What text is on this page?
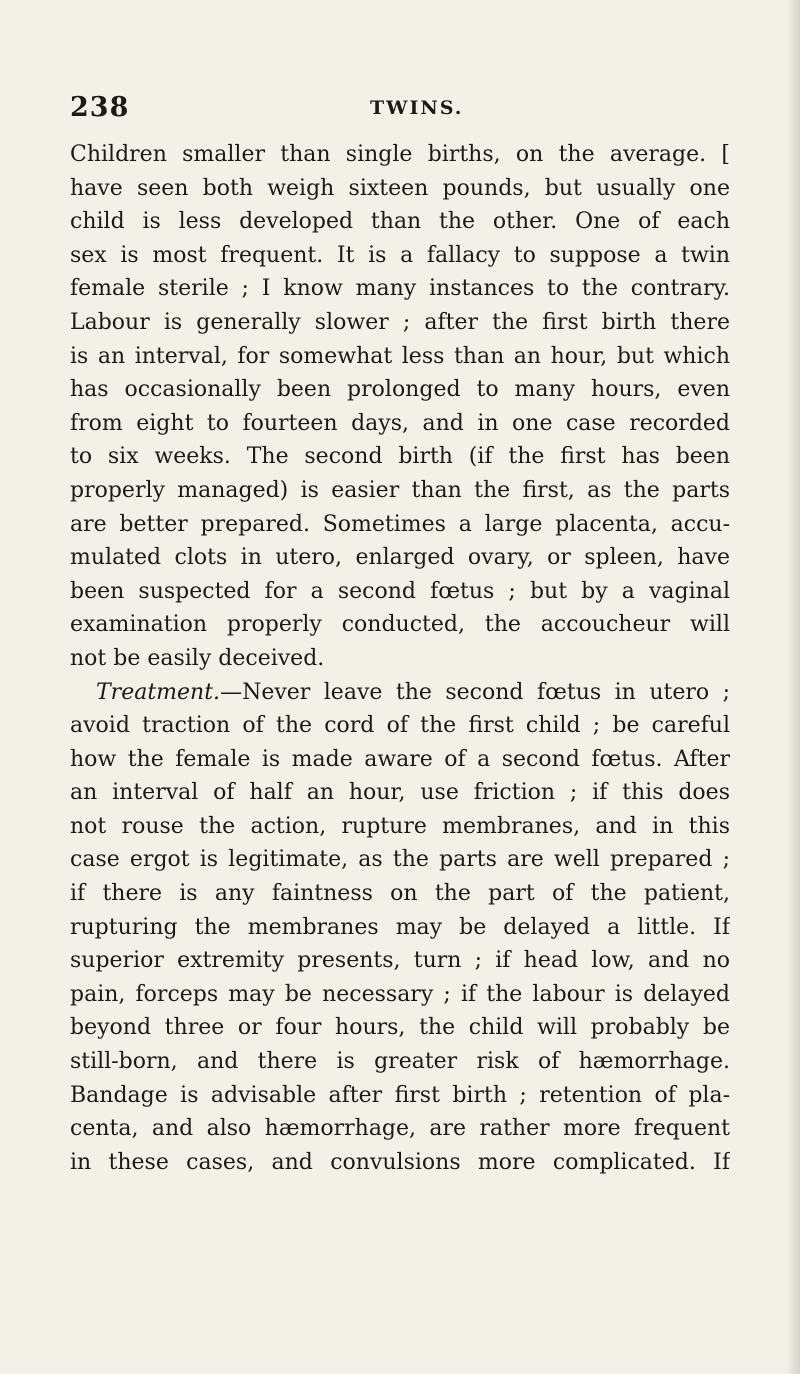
238	TWINS.
Children smaller than single births, on the average. [
have seen both weigh sixteen pounds, but usually one
child is less developed than the other. One of each
sex is most frequent. It is a fallacy to suppose a twin
female sterile ; I know many instances to the contrary.
Labour is generally slower ; after the first birth there
is an interval, for somewhat less than an hour, but which
has occasionally been prolonged to many hours, even
from eight to fourteen days, and in one case recorded
to six weeks. The second birth (if the first has been
properly managed) is easier than the first, as the parts
are better prepared. Sometimes a large placenta, accu-
mulated clots in utero, enlarged ovary, or spleen, have
been suspected for a second fœtus ; but by a vaginal
examination properly conducted, the accoucheur will
not be easily deceived.
Treatment.—Never leave the second fœtus in utero ;
avoid traction of the cord of the first child ; be careful
how the female is made aware of a second fœtus. After
an interval of half an hour, use friction ; if this does
not rouse the action, rupture membranes, and in this
case ergot is legitimate, as the parts are well prepared ;
if there is any faintness on the part of the patient,
rupturing the membranes may be delayed a little. If
superior extremity presents, turn ; if head low, and no
pain, forceps may be necessary ; if the labour is delayed
beyond three or four hours, the child will probably be
still-born, and there is greater risk of hæmorrhage.
Bandage is advisable after first birth ; retention of pla-
centa, and also hæmorrhage, are rather more frequent
in these cases, and convulsions more complicated. If
